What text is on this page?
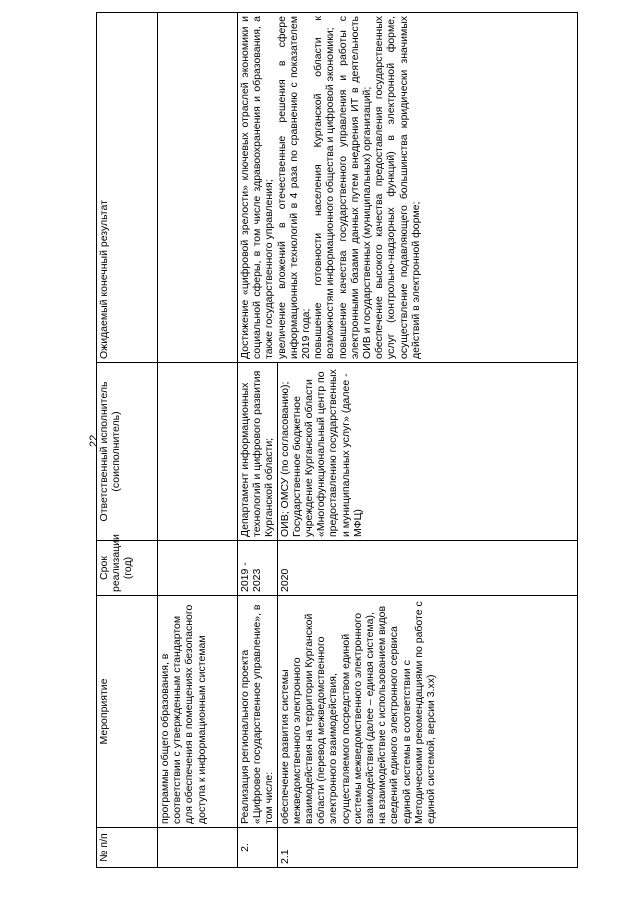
22
№ п/п	Мероприятие	Срок реализации (год)	Ответственный исполнитель (соисполнитель)	Ожидаемый конечный результат
	программы общего образования, в соответствии с утвержденным стандартом для обеспечения в помещениях безопасного доступа к информационным системам			
2.	Реализация регионального проекта «Цифровое государственное управление», в том числе:	2019 - 2023	Департамент информационных технологий и цифрового развития Курганской области;	Достижение «цифровой зрелости» ключевых отраслей экономики и социальной сферы, в том числе здравоохранения и образования, а также государственного управления; увеличение вложений в отечественные решения в сфере информационных технологий в 4 раза по сравнению с показателем 2019 года; повышение готовности населения Курганской области к возможностям информационного общества и цифровой экономики; повышение качества государственного управления и работы с электронными базами данных путем внедрения ИТ в деятельность ОИВ и государственных (муниципальных) организаций; обеспечение высокого качества предоставления государственных услуг (контрольно-надзорных функций) в электронной форме, осуществление подавляющего большинства юридически значимых действий в электронной форме;

2.1	обеспечение развития системы межведомственного электронного взаимодействия на территории Курганской области (перевод межведомственного электронного взаимодействия, осуществляемого посредством единой системы межведомственного электронного взаимодействия (далее – единая система), на взаимодействие с использованием видов сведений единого электронного сервиса единой системы в соответствии с Методическими рекомендациями по работе с единой системой, версии 3.хх)	2020	ОИВ; ОМСУ (по согласованию); Государственное бюджетное учреждение Курганской области «Многофункциональный центр по предоставлению государственных и муниципальных услуг» (далее - МФЦ)	
